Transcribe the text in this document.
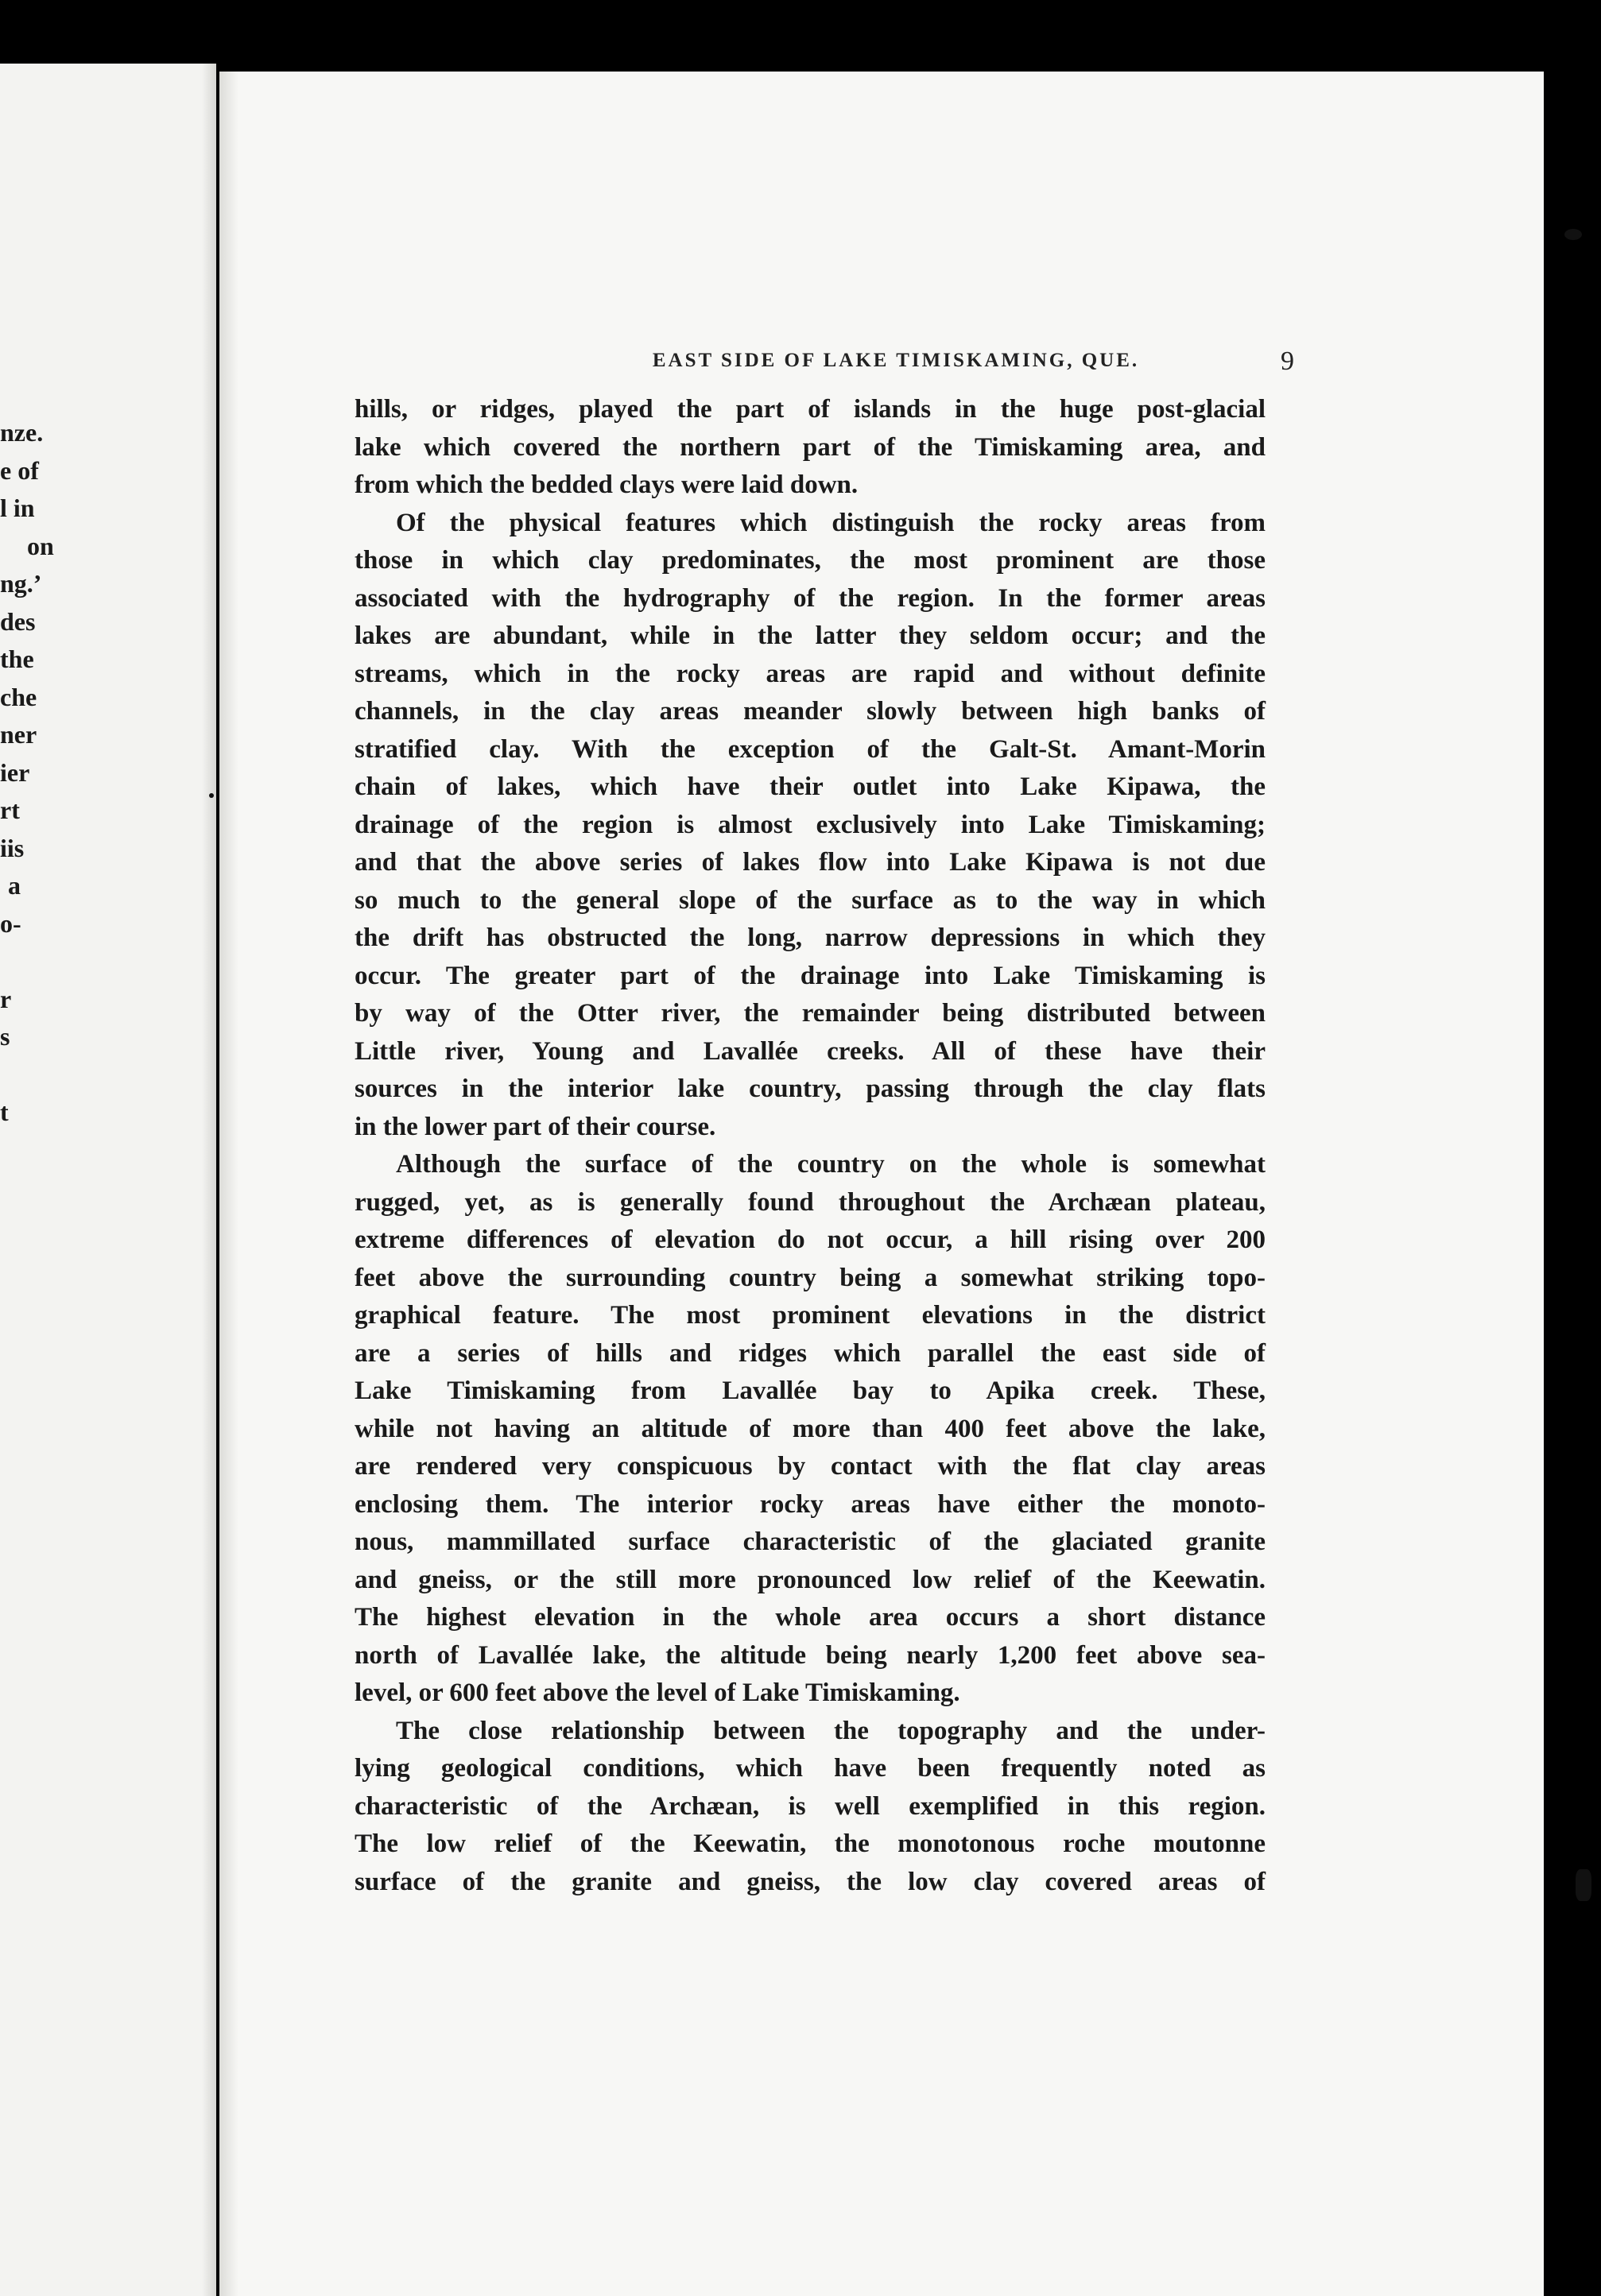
nze.
e of
l in
on
ng.’
des
the
che
ner
ier
rt
iis
a
o-
r
s
t
EAST SIDE OF LAKE TIMISKAMING, QUE.	9
hills, or ridges, played the part of islands in the huge post-glacial
lake which covered the northern part of the Timiskaming area, and
from which the bedded clays were laid down.
Of the physical features which distinguish the rocky areas from
those in which clay predominates, the most prominent are those
associated with the hydrography of the region. In the former areas
lakes are abundant, while in the latter they seldom occur; and the
streams, which in the rocky areas are rapid and without definite
channels, in the clay areas meander slowly between high banks of
stratified clay. With the exception of the Galt-St. Amant-Morin
chain of lakes, which have their outlet into Lake Kipawa, the
drainage of the region is almost exclusively into Lake Timiskaming;
and that the above series of lakes flow into Lake Kipawa is not due
so much to the general slope of the surface as to the way in which
the drift has obstructed the long, narrow depressions in which they
occur. The greater part of the drainage into Lake Timiskaming is
by way of the Otter river, the remainder being distributed between
Little river, Young and Lavallée creeks. All of these have their
sources in the interior lake country, passing through the clay flats
in the lower part of their course.
Although the surface of the country on the whole is somewhat
rugged, yet, as is generally found throughout the Archæan plateau,
extreme differences of elevation do not occur, a hill rising over 200
feet above the surrounding country being a somewhat striking topo-
graphical feature. The most prominent elevations in the district
are a series of hills and ridges which parallel the east side of
Lake Timiskaming from Lavallée bay to Apika creek. These,
while not having an altitude of more than 400 feet above the lake,
are rendered very conspicuous by contact with the flat clay areas
enclosing them. The interior rocky areas have either the monoto-
nous, mammillated surface characteristic of the glaciated granite
and gneiss, or the still more pronounced low relief of the Keewatin.
The highest elevation in the whole area occurs a short distance
north of Lavallée lake, the altitude being nearly 1,200 feet above sea-
level, or 600 feet above the level of Lake Timiskaming.
The close relationship between the topography and the under-
lying geological conditions, which have been frequently noted as
characteristic of the Archæan, is well exemplified in this region.
The low relief of the Keewatin, the monotonous roche moutonne
surface of the granite and gneiss, the low clay covered areas of
